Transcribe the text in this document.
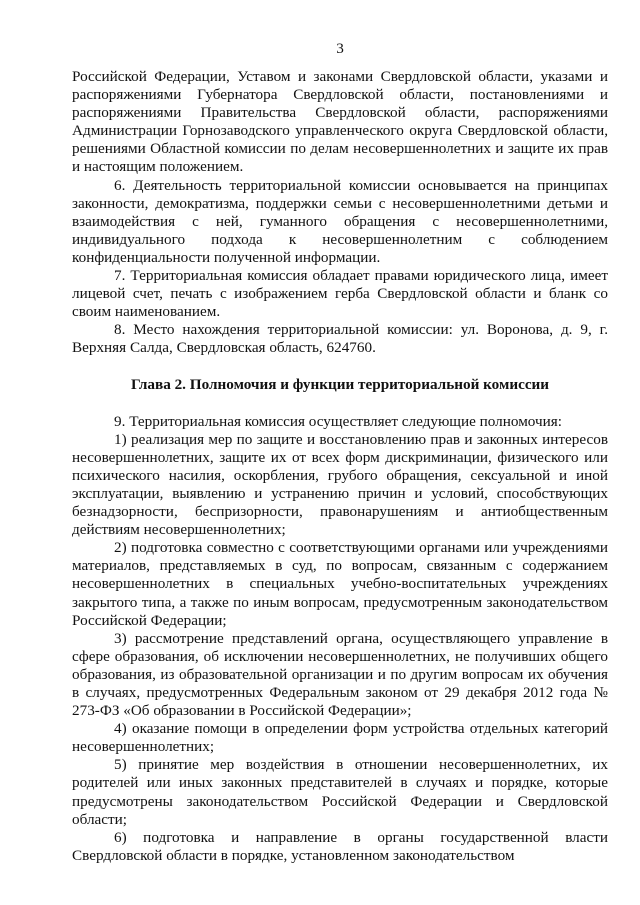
3

Российской Федерации, Уставом и законами Свердловской области, указами и распоряжениями Губернатора Свердловской области, постановлениями и распоряжениями Правительства Свердловской области, распоряжениями Администрации Горнозаводского управленческого округа Свердловской области, решениями Областной комиссии по делам несовершеннолетних и защите их прав и настоящим положением.

6. Деятельность территориальной комиссии основывается на принципах законности, демократизма, поддержки семьи с несовершеннолетними детьми и взаимодействия с ней, гуманного обращения с несовершеннолетними, индивидуального подхода к несовершеннолетним с соблюдением конфиденциальности полученной информации.

7. Территориальная комиссия обладает правами юридического лица, имеет лицевой счет, печать с изображением герба Свердловской области и бланк со своим наименованием.

8. Место нахождения территориальной комиссии: ул. Воронова, д. 9, г. Верхняя Салда, Свердловская область, 624760.

Глава 2. Полномочия и функции территориальной комиссии

9. Территориальная комиссия осуществляет следующие полномочия:

1) реализация мер по защите и восстановлению прав и законных интересов несовершеннолетних, защите их от всех форм дискриминации, физического или психического насилия, оскорбления, грубого обращения, сексуальной и иной эксплуатации, выявлению и устранению причин и условий, способствующих безнадзорности, беспризорности, правонарушениям и антиобщественным действиям несовершеннолетних;

2) подготовка совместно с соответствующими органами или учреждениями материалов, представляемых в суд, по вопросам, связанным с содержанием несовершеннолетних в специальных учебно-воспитательных учреждениях закрытого типа, а также по иным вопросам, предусмотренным законодательством Российской Федерации;

3) рассмотрение представлений органа, осуществляющего управление в сфере образования, об исключении несовершеннолетних, не получивших общего образования, из образовательной организации и по другим вопросам их обучения в случаях, предусмотренных Федеральным законом от 29 декабря 2012 года № 273-ФЗ «Об образовании в Российской Федерации»;

4) оказание помощи в определении форм устройства отдельных категорий несовершеннолетних;

5) принятие мер воздействия в отношении несовершеннолетних, их родителей или иных законных представителей в случаях и порядке, которые предусмотрены законодательством Российской Федерации и Свердловской области;

6) подготовка и направление в органы государственной власти Свердловской области в порядке, установленном законодательством
